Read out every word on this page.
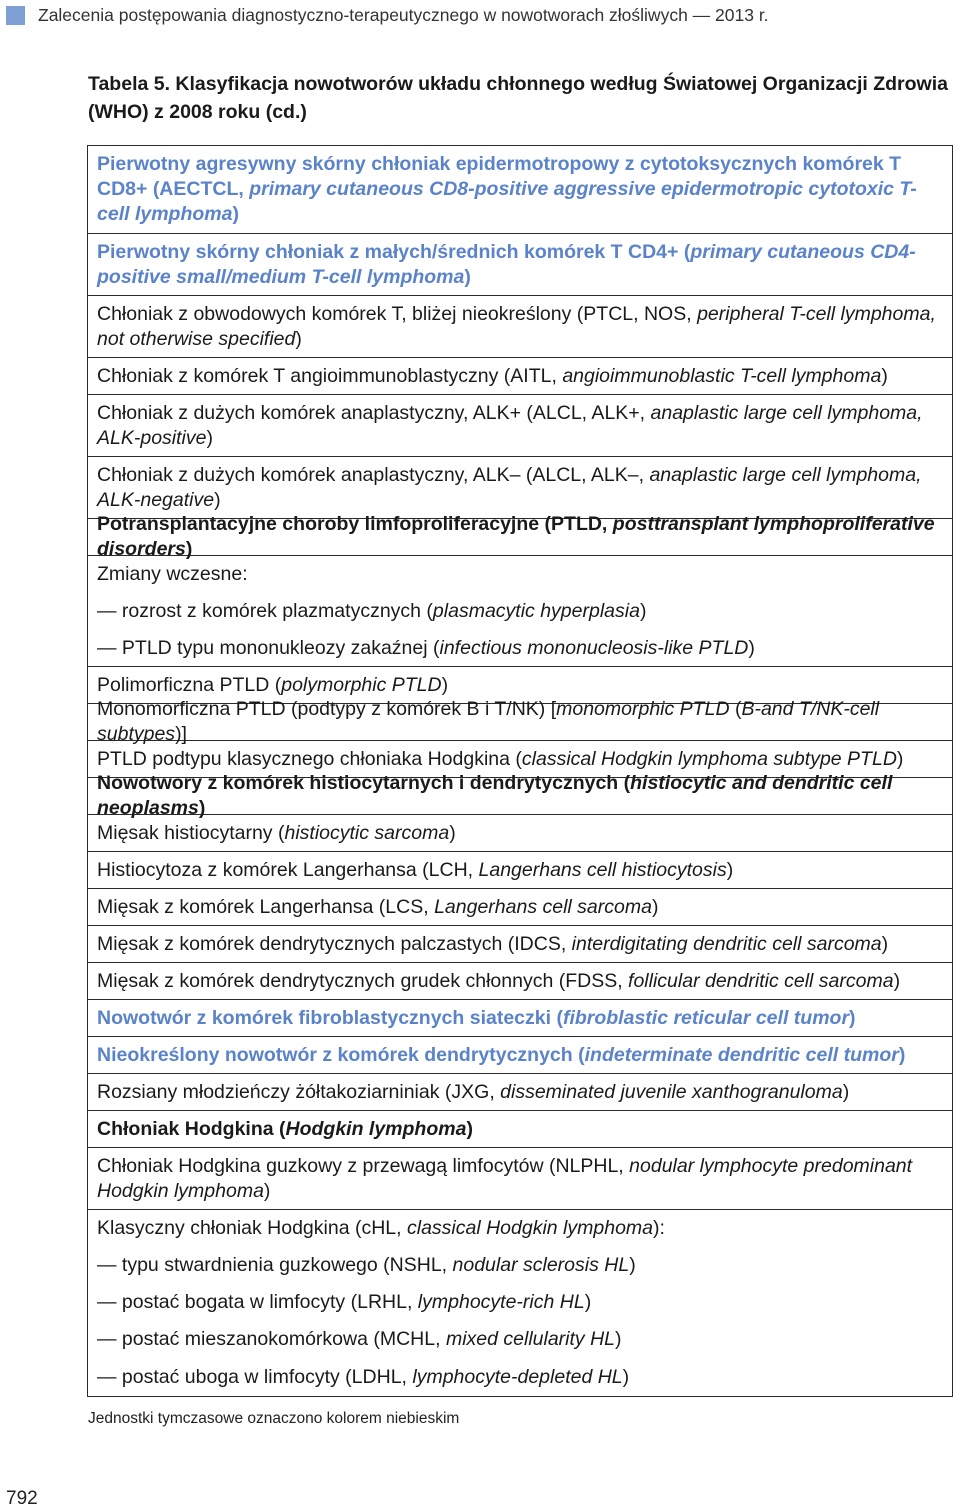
Zalecenia postępowania diagnostyczno-terapeutycznego w nowotworach złośliwych — 2013 r.
Tabela 5. Klasyfikacja nowotworów układu chłonnego według Światowej Organizacji Zdrowia (WHO) z 2008 roku (cd.)
Pierwotny agresywny skórny chłoniak epidermotropowy z cytotoksycznych komórek T CD8+ (AECTCL, primary cutaneous CD8-positive aggressive epidermotropic cytotoxic T-cell lymphoma)
Pierwotny skórny chłoniak z małych/średnich komórek T CD4+ (primary cutaneous CD4-positive small/medium T-cell lymphoma)
Chłoniak z obwodowych komórek T, bliżej nieokreślony (PTCL, NOS, peripheral T-cell lymphoma, not otherwise specified)
Chłoniak z komórek T angioimmunoblastyczny (AITL, angioimmunoblastic T-cell lymphoma)
Chłoniak z dużych komórek anaplastyczny, ALK+ (ALCL, ALK+, anaplastic large cell lymphoma, ALK-positive)
Chłoniak z dużych komórek anaplastyczny, ALK– (ALCL, ALK–, anaplastic large cell lymphoma, ALK-negative)
Potransplantacyjne choroby limfoproliferacyjne (PTLD, posttransplant lymphoproliferative disorders)
Zmiany wczesne:
— rozrost z komórek plazmatycznych (plasmacytic hyperplasia)
— PTLD typu mononukleozy zakaźnej (infectious mononucleosis-like PTLD)
Polimorficzna PTLD (polymorphic PTLD)
Monomorficzna PTLD (podtypy z komórek B i T/NK) [monomorphic PTLD (B-and T/NK-cell subtypes)]
PTLD podtypu klasycznego chłoniaka Hodgkina (classical Hodgkin lymphoma subtype PTLD)
Nowotwory z komórek histiocytarnych i dendrytycznych (histiocytic and dendritic cell neoplasms)
Mięsak histiocytarny (histiocytic sarcoma)
Histiocytoza z komórek Langerhansa (LCH, Langerhans cell histiocytosis)
Mięsak z komórek Langerhansa (LCS, Langerhans cell sarcoma)
Mięsak z komórek dendrytycznych palczastych (IDCS, interdigitating dendritic cell sarcoma)
Mięsak z komórek dendrytycznych grudek chłonnych (FDSS, follicular dendritic cell sarcoma)
Nowotwór z komórek fibroblastycznych siateczki (fibroblastic reticular cell tumor)
Nieokreślony nowotwór z komórek dendrytycznych (indeterminate dendritic cell tumor)
Rozsiany młodzieńczy żółtakoziarniniak (JXG, disseminated juvenile xanthogranuloma)
Chłoniak Hodgkina (Hodgkin lymphoma)
Chłoniak Hodgkina guzkowy z przewagą limfocytów (NLPHL, nodular lymphocyte predominant Hodgkin lymphoma)
Klasyczny chłoniak Hodgkina (cHL, classical Hodgkin lymphoma):
— typu stwardnienia guzkowego (NSHL, nodular sclerosis HL)
— postać bogata w limfocyty (LRHL, lymphocyte-rich HL)
— postać mieszanokomórkowa (MCHL, mixed cellularity HL)
— postać uboga w limfocyty (LDHL, lymphocyte-depleted HL)
Jednostki tymczasowe oznaczono kolorem niebieskim
792
